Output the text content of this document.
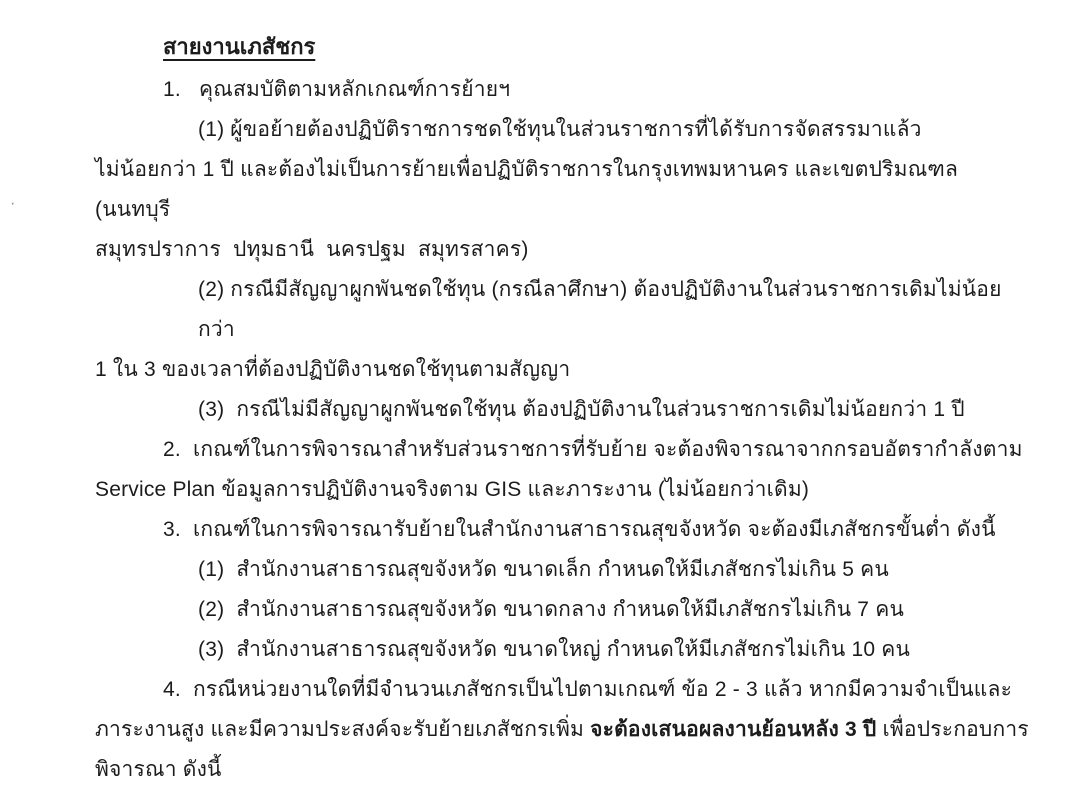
·
สายงานเภสัชกร
1.   คุณสมบัติตามหลักเกณฑ์การย้ายฯ
(1) ผู้ขอย้ายต้องปฏิบัติราชการชดใช้ทุนในส่วนราชการที่ได้รับการจัดสรรมาแล้ว
ไม่น้อยกว่า 1 ปี และต้องไม่เป็นการย้ายเพื่อปฏิบัติราชการในกรุงเทพมหานคร และเขตปริมณฑล (นนทบุรี
สมุทรปราการ  ปทุมธานี  นครปฐม  สมุทรสาคร)
(2) กรณีมีสัญญาผูกพันชดใช้ทุน (กรณีลาศึกษา) ต้องปฏิบัติงานในส่วนราชการเดิมไม่น้อยกว่า
1 ใน 3 ของเวลาที่ต้องปฏิบัติงานชดใช้ทุนตามสัญญา
(3)  กรณีไม่มีสัญญาผูกพันชดใช้ทุน ต้องปฏิบัติงานในส่วนราชการเดิมไม่น้อยกว่า 1 ปี
2.  เกณฑ์ในการพิจารณาสำหรับส่วนราชการที่รับย้าย จะต้องพิจารณาจากกรอบอัตรากำลังตาม
Service Plan ข้อมูลการปฏิบัติงานจริงตาม GIS และภาระงาน (ไม่น้อยกว่าเดิม)
3.  เกณฑ์ในการพิจารณารับย้ายในสำนักงานสาธารณสุขจังหวัด จะต้องมีเภสัชกรขั้นต่ำ ดังนี้
(1)  สำนักงานสาธารณสุขจังหวัด ขนาดเล็ก กำหนดให้มีเภสัชกรไม่เกิน 5 คน
(2)  สำนักงานสาธารณสุขจังหวัด ขนาดกลาง กำหนดให้มีเภสัชกรไม่เกิน 7 คน
(3)  สำนักงานสาธารณสุขจังหวัด ขนาดใหญ่ กำหนดให้มีเภสัชกรไม่เกิน 10 คน
4.  กรณีหน่วยงานใดที่มีจำนวนเภสัชกรเป็นไปตามเกณฑ์ ข้อ 2 - 3 แล้ว หากมีความจำเป็นและ
ภาระงานสูง และมีความประสงค์จะรับย้ายเภสัชกรเพิ่ม จะต้องเสนอผลงานย้อนหลัง 3 ปี เพื่อประกอบการ
พิจารณา ดังนี้
